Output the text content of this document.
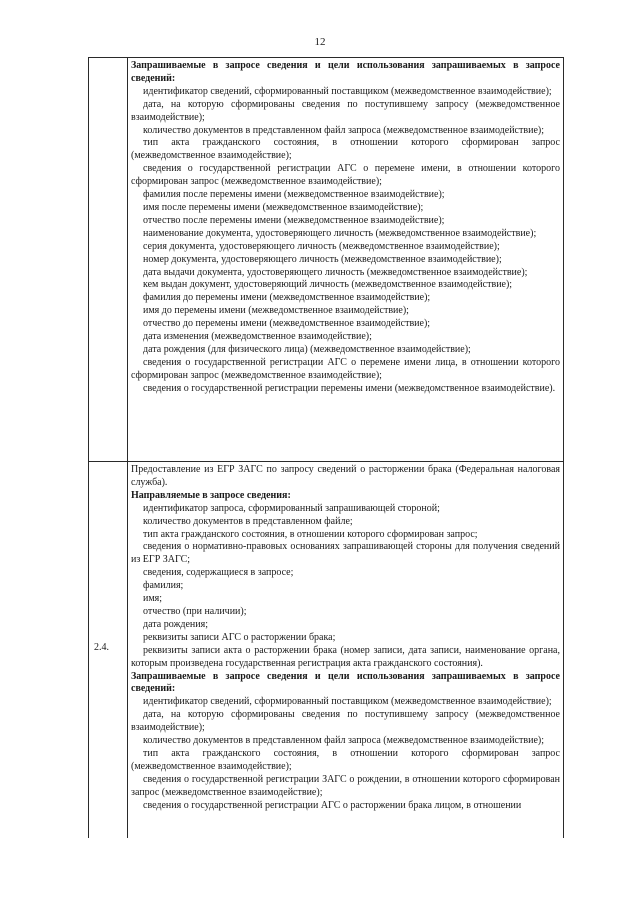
12

Запрашиваемые в запросе сведения и цели использования запрашиваемых в запросе сведений:

идентификатор сведений, сформированный поставщиком (межведомственное взаимодействие);

дата, на которую сформированы сведения по поступившему запросу (межведомственное взаимодействие);

количество документов в представленном файл запроса (межведомственное взаимодействие);

тип акта гражданского состояния, в отношении которого сформирован запрос (межведомственное взаимодействие);

сведения о государственной регистрации АГС о перемене имени, в отношении которого сформирован запрос (межведомственное взаимодействие);

фамилия после перемены имени (межведомственное взаимодействие);

имя после перемены имени (межведомственное взаимодействие);

отчество после перемены имени (межведомственное взаимодействие);

наименование документа, удостоверяющего личность (межведомственное взаимодействие);

серия документа, удостоверяющего личность (межведомственное взаимодействие);

номер документа, удостоверяющего личность (межведомственное взаимодействие);

дата выдачи документа, удостоверяющего личность (межведомственное взаимодействие);

кем выдан документ, удостоверяющий личность (межведомственное взаимодействие);

фамилия до перемены имени (межведомственное взаимодействие);

имя до перемены имени (межведомственное взаимодействие);

отчество до перемены имени (межведомственное взаимодействие);

дата изменения (межведомственное взаимодействие);

дата рождения (для физического лица) (межведомственное взаимодействие);

сведения о государственной регистрации АГС о перемене имени лица, в отношении которого сформирован запрос (межведомственное взаимодействие);

сведения о государственной регистрации перемены имени (межведомственное взаимодействие).

2.4.

Предоставление из ЕГР ЗАГС по запросу сведений о расторжении брака (Федеральная налоговая служба).

Направляемые в запросе сведения:

идентификатор запроса, сформированный запрашивающей стороной;

количество документов в представленном файле;

тип акта гражданского состояния, в отношении которого сформирован запрос;

сведения о нормативно-правовых основаниях запрашивающей стороны для получения сведений из ЕГР ЗАГС;

сведения, содержащиеся в запросе;

фамилия;

имя;

отчество (при наличии);

дата рождения;

реквизиты записи АГС о расторжении брака;

реквизиты записи акта о расторжении брака (номер записи, дата записи, наименование органа, которым произведена государственная регистрация акта гражданского состояния).

Запрашиваемые в запросе сведения и цели использования запрашиваемых в запросе сведений:

идентификатор сведений, сформированный поставщиком (межведомственное взаимодействие);

дата, на которую сформированы сведения по поступившему запросу (межведомственное взаимодействие);

количество документов в представленном файл запроса (межведомственное взаимодействие);

тип акта гражданского состояния, в отношении которого сформирован запрос (межведомственное взаимодействие);

сведения о государственной регистрации ЗАГС о рождении, в отношении которого сформирован запрос (межведомственное взаимодействие);

сведения о государственной регистрации АГС о расторжении брака лицом, в отношении
